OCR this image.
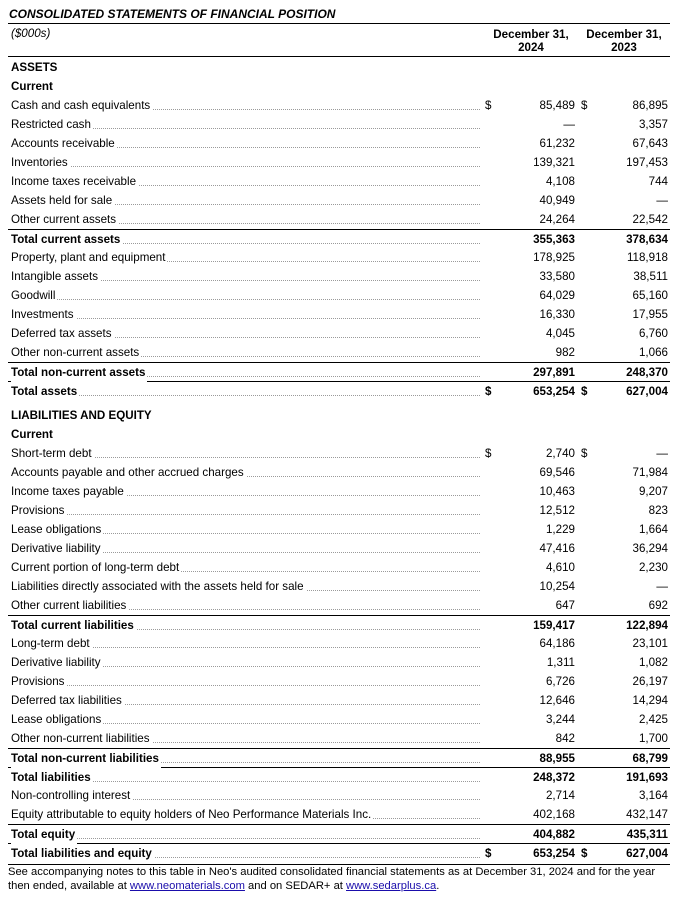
CONSOLIDATED STATEMENTS OF FINANCIAL POSITION
($000s)	December 31,
2024
December 31,
2023
ASSETS
Current
Cash and cash equivalents	$	85,489 $	86,895
Restricted cash	—	3,357
Accounts receivable	61,232	67,643
Inventories	139,321	197,453
Income taxes receivable	4,108	744
Assets held for sale	40,949	—
Other current assets	24,264	22,542
Total current assets	355,363	378,634
Property, plant and equipment	178,925	118,918
Intangible assets	33,580	38,511
Goodwill	64,029	65,160
Investments	16,330	17,955
Deferred tax assets	4,045	6,760
Other non-current assets	982	1,066
Total non-current assets	297,891	248,370
Total assets	$	653,254 $	627,004
LIABILITIES AND EQUITY
Current
Short-term debt	$	2,740 $	—
Accounts payable and other accrued charges	69,546	71,984
Income taxes payable	10,463	9,207
Provisions	12,512	823
Lease obligations	1,229	1,664
Derivative liability	47,416	36,294
Current portion of long-term debt	4,610	2,230
Liabilities directly associated with the assets held for sale	10,254	—
Other current liabilities	647	692
Total current liabilities	159,417	122,894
Long-term debt	64,186	23,101
Derivative liability	1,311	1,082
Provisions	6,726	26,197
Deferred tax liabilities	12,646	14,294
Lease obligations	3,244	2,425
Other non-current liabilities	842	1,700
Total non-current liabilities	88,955	68,799
Total liabilities	248,372	191,693
Non-controlling interest	2,714	3,164
Equity attributable to equity holders of Neo Performance Materials Inc.	402,168	432,147
Total equity	404,882	435,311
Total liabilities and equity	$	653,254 $	627,004
See accompanying notes to this table in Neo's audited consolidated financial statements as at December 31, 2024 and for the year then ended, available at www.neomaterials.com and on SEDAR+ at www.sedarplus.ca.
